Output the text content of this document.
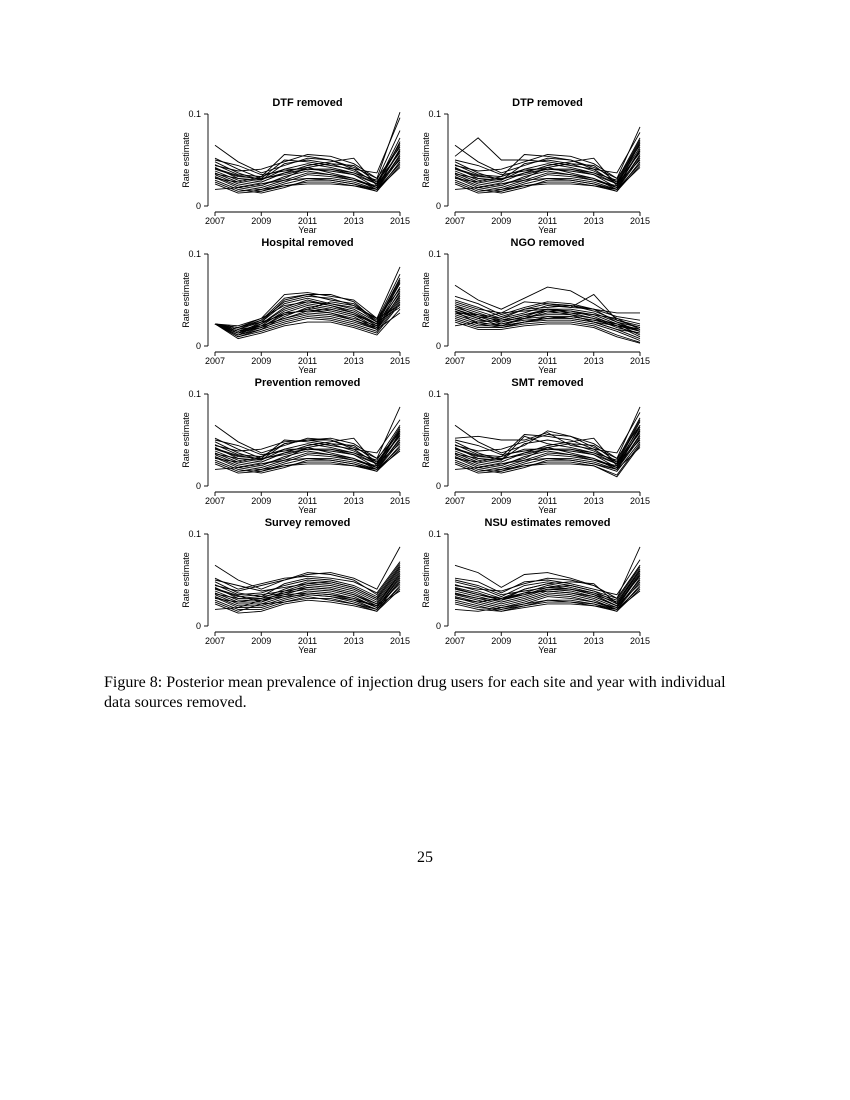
DTF removed
0
0.1
Rate estimate
2007	2009	2011	2013	2015
Year
DTP removed
0
0.1
Rate estimate
2007	2009	2011	2013	2015
Year
Hospital removed
0
0.1
Rate estimate
2007	2009	2011	2013	2015
Year
NGO removed
0
0.1
Rate estimate
2007	2009	2011	2013	2015
Year
Prevention removed
0
0.1
Rate estimate
2007	2009	2011	2013	2015
Year
SMT removed
0
0.1
Rate estimate
2007	2009	2011	2013	2015
Year
Survey removed
0
0.1
Rate estimate
2007	2009	2011	2013	2015
Year
NSU estimates removed
0
0.1
Rate estimate
2007	2009	2011	2013	2015
Year

Figure 8: Posterior mean prevalence of injection drug users for each site and year with individual data sources removed.

25
